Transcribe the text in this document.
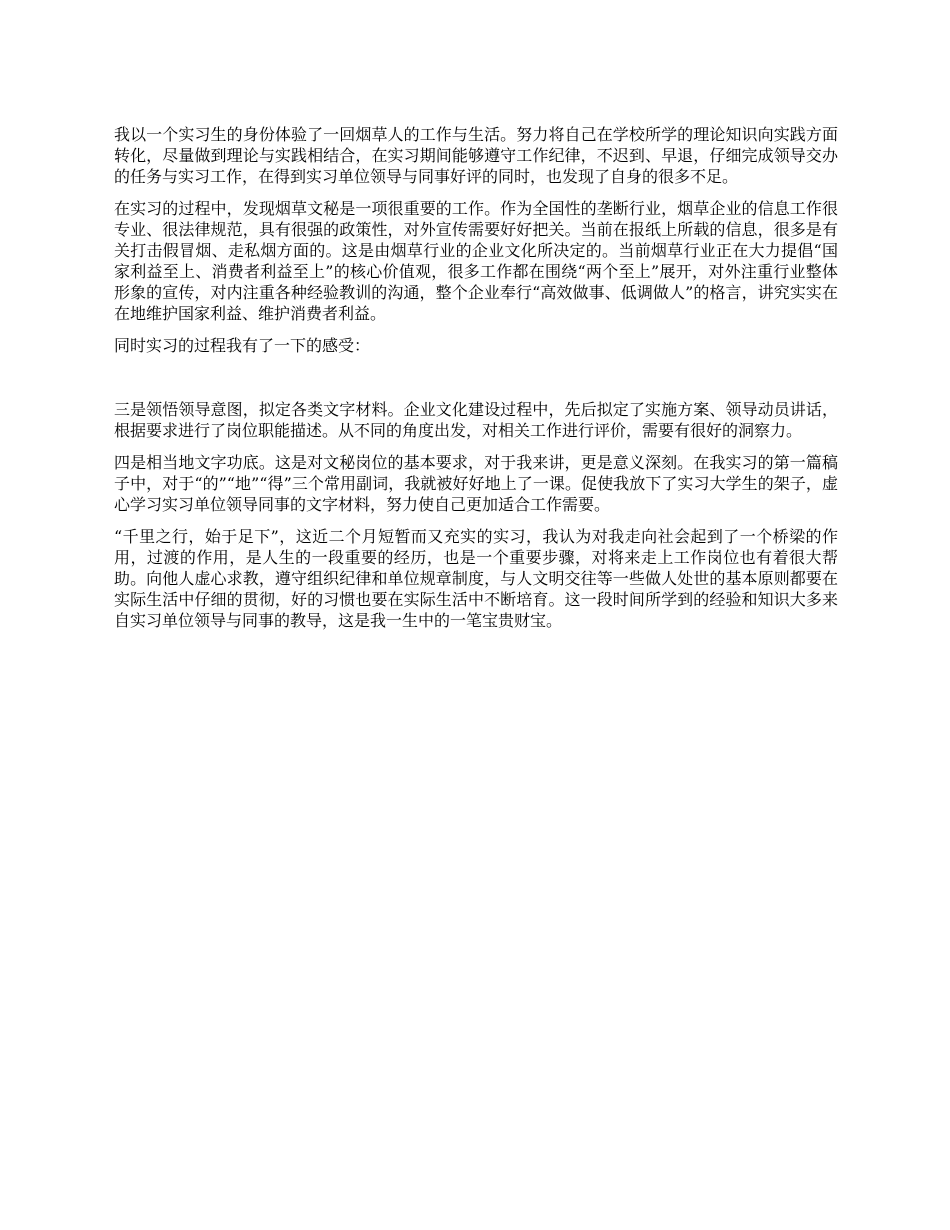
我以一个实习生的身份体验了一回烟草人的工作与生活。努力将自己在学校所学的理论知识向实践方面转化，尽量做到理论与实践相结合，在实习期间能够遵守工作纪律，不迟到、早退，仔细完成领导交办的任务与实习工作，在得到实习单位领导与同事好评的同时，也发现了自身的很多不足。

在实习的过程中，发现烟草文秘是一项很重要的工作。作为全国性的垄断行业，烟草企业的信息工作很专业、很法律规范，具有很强的政策性，对外宣传需要好好把关。当前在报纸上所载的信息，很多是有关打击假冒烟、走私烟方面的。这是由烟草行业的企业文化所决定的。当前烟草行业正在大力提倡“国家利益至上、消费者利益至上”的核心价值观，很多工作都在围绕“两个至上”展开，对外注重行业整体形象的宣传，对内注重各种经验教训的沟通，整个企业奉行“高效做事、低调做人”的格言，讲究实实在在地维护国家利益、维护消费者利益。

同时实习的过程我有了一下的感受：

三是领悟领导意图，拟定各类文字材料。企业文化建设过程中，先后拟定了实施方案、领导动员讲话，根据要求进行了岗位职能描述。从不同的角度出发，对相关工作进行评价，需要有很好的洞察力。

四是相当地文字功底。这是对文秘岗位的基本要求，对于我来讲，更是意义深刻。在我实习的第一篇稿子中，对于“的”“地”“得”三个常用副词，我就被好好地上了一课。促使我放下了实习大学生的架子，虚心学习实习单位领导同事的文字材料，努力使自己更加适合工作需要。

“千里之行，始于足下”，这近二个月短暂而又充实的实习，我认为对我走向社会起到了一个桥梁的作用，过渡的作用，是人生的一段重要的经历，也是一个重要步骤，对将来走上工作岗位也有着很大帮助。向他人虚心求教，遵守组织纪律和单位规章制度，与人文明交往等一些做人处世的基本原则都要在实际生活中仔细的贯彻，好的习惯也要在实际生活中不断培育。这一段时间所学到的经验和知识大多来自实习单位领导与同事的教导，这是我一生中的一笔宝贵财宝。
